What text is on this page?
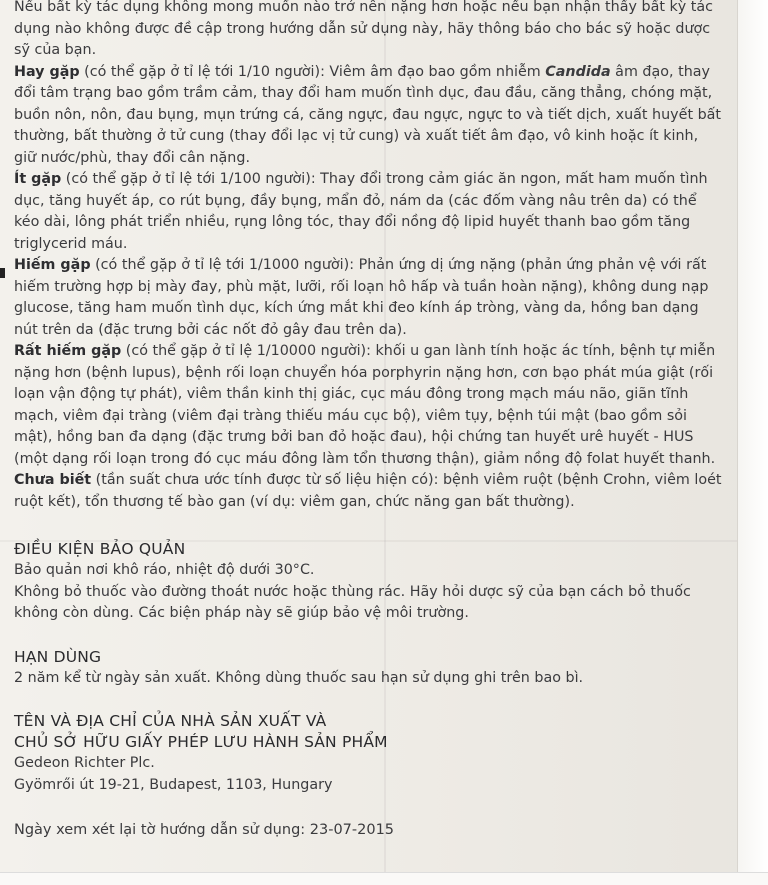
Nếu bất kỳ tác dụng không mong muốn nào trở nên nặng hơn hoặc nếu bạn nhận thấy bất kỳ tác dụng nào không được đề cập trong hướng dẫn sử dụng này, hãy thông báo cho bác sỹ hoặc dược sỹ của bạn.

Hay gặp (có thể gặp ở tỉ lệ tới 1/10 người): Viêm âm đạo bao gồm nhiễm Candida âm đạo, thay đổi tâm trạng bao gồm trầm cảm, thay đổi ham muốn tình dục, đau đầu, căng thẳng, chóng mặt, buồn nôn, nôn, đau bụng, mụn trứng cá, căng ngực, đau ngực, ngực to và tiết dịch, xuất huyết bất thường, bất thường ở tử cung (thay đổi lạc vị tử cung) và xuất tiết âm đạo, vô kinh hoặc ít kinh, giữ nước/phù, thay đổi cân nặng.

Ít gặp (có thể gặp ở tỉ lệ tới 1/100 người): Thay đổi trong cảm giác ăn ngon, mất ham muốn tình dục, tăng huyết áp, co rút bụng, đầy bụng, mẩn đỏ, nám da (các đốm vàng nâu trên da) có thể kéo dài, lông phát triển nhiều, rụng lông tóc, thay đổi nồng độ lipid huyết thanh bao gồm tăng triglycerid máu.

Hiếm gặp (có thể gặp ở tỉ lệ tới 1/1000 người): Phản ứng dị ứng nặng (phản ứng phản vệ với rất hiếm trường hợp bị mày đay, phù mặt, lưỡi, rối loạn hô hấp và tuần hoàn nặng), không dung nạp glucose, tăng ham muốn tình dục, kích ứng mắt khi đeo kính áp tròng, vàng da, hồng ban dạng nút trên da (đặc trưng bởi các nốt đỏ gây đau trên da).

Rất hiếm gặp (có thể gặp ở tỉ lệ 1/10000 người): khối u gan lành tính hoặc ác tính, bệnh tự miễn nặng hơn (bệnh lupus), bệnh rối loạn chuyển hóa porphyrin nặng hơn, cơn bạo phát múa giật (rối loạn vận động tự phát), viêm thần kinh thị giác, cục máu đông trong mạch máu não, giãn tĩnh mạch, viêm đại tràng (viêm đại tràng thiếu máu cục bộ), viêm tụy, bệnh túi mật (bao gồm sỏi mật), hồng ban đa dạng (đặc trưng bởi ban đỏ hoặc đau), hội chứng tan huyết urê huyết - HUS (một dạng rối loạn trong đó cục máu đông làm tổn thương thận), giảm nồng độ folat huyết thanh.

Chưa biết (tần suất chưa ước tính được từ số liệu hiện có): bệnh viêm ruột (bệnh Crohn, viêm loét ruột kết), tổn thương tế bào gan (ví dụ: viêm gan, chức năng gan bất thường).

ĐIỀU KIỆN BẢO QUẢN

Bảo quản nơi khô ráo, nhiệt độ dưới 30°C.

Không bỏ thuốc vào đường thoát nước hoặc thùng rác. Hãy hỏi dược sỹ của bạn cách bỏ thuốc không còn dùng. Các biện pháp này sẽ giúp bảo vệ môi trường.

HẠN DÙNG

2 năm kể từ ngày sản xuất. Không dùng thuốc sau hạn sử dụng ghi trên bao bì.

TÊN VÀ ĐỊA CHỈ CỦA NHÀ SẢN XUẤT VÀ
CHỦ SỞ HỮU GIẤY PHÉP LƯU HÀNH SẢN PHẨM

Gedeon Richter Plc.

Gyömrői út 19-21, Budapest, 1103, Hungary

Ngày xem xét lại tờ hướng dẫn sử dụng: 23-07-2015
